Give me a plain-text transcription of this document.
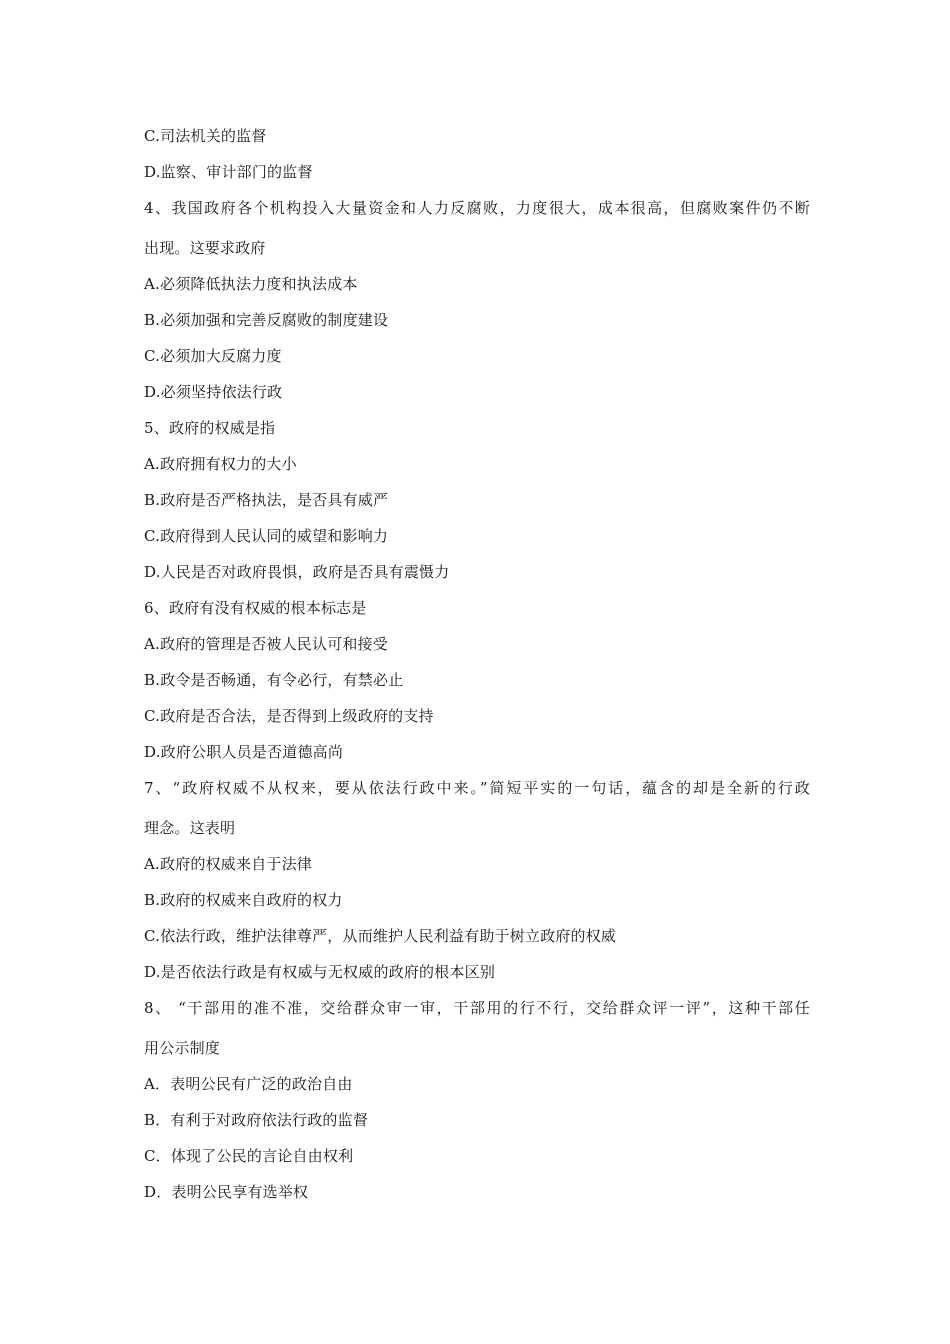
C.司法机关的监督
D.监察、审计部门的监督
4、我国政府各个机构投入大量资金和人力反腐败，力度很大，成本很高，但腐败案件仍不断
出现。这要求政府
A.必须降低执法力度和执法成本
B.必须加强和完善反腐败的制度建设
C.必须加大反腐力度
D.必须坚持依法行政
5、政府的权威是指
A.政府拥有权力的大小
B.政府是否严格执法，是否具有威严
C.政府得到人民认同的威望和影响力
D.人民是否对政府畏惧，政府是否具有震慑力
6、政府有没有权威的根本标志是
A.政府的管理是否被人民认可和接受
B.政令是否畅通，有令必行，有禁必止
C.政府是否合法，是否得到上级政府的支持
D.政府公职人员是否道德高尚
7、“政府权威不从权来，要从依法行政中来。”简短平实的一句话，蕴含的却是全新的行政
理念。这表明
A.政府的权威来自于法律
B.政府的权威来自政府的权力
C.依法行政，维护法律尊严，从而维护人民利益有助于树立政府的权威
D.是否依法行政是有权威与无权威的政府的根本区别
8、 “干部用的准不准，交给群众审一审，干部用的行不行，交给群众评一评”，这种干部任
用公示制度
A．表明公民有广泛的政治自由
B．有利于对政府依法行政的监督
C．体现了公民的言论自由权利
D．表明公民享有选举权
